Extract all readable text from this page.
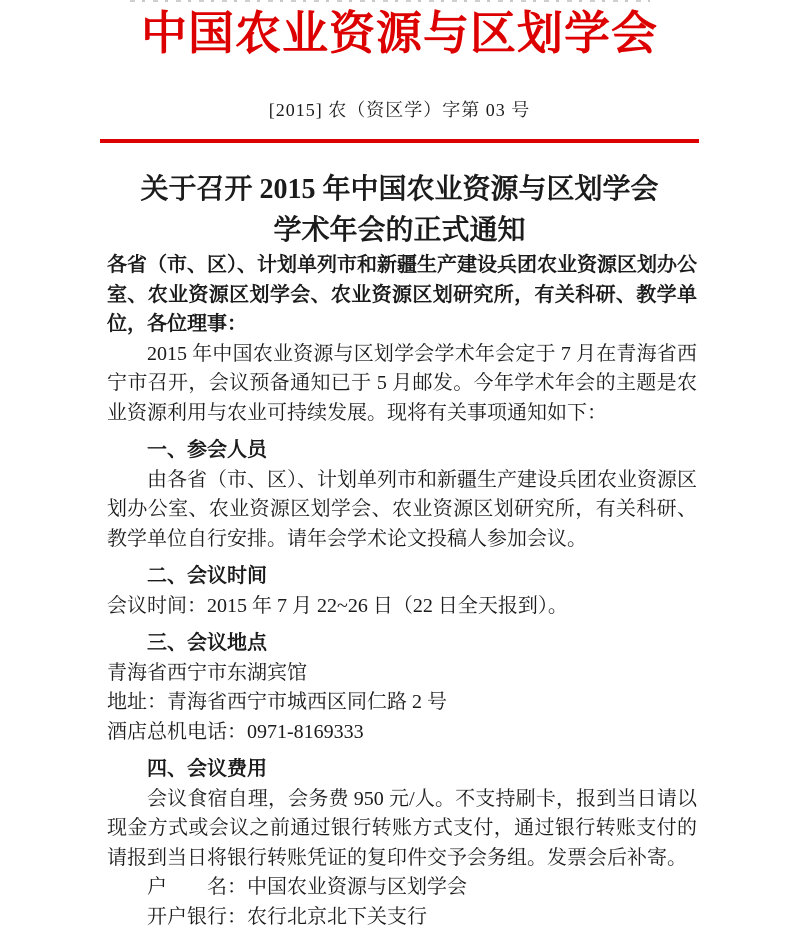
中国农业资源与区划学会
[2015] 农（资区学）字第 03 号
关于召开 2015 年中国农业资源与区划学会
学术年会的正式通知

各省（市、区）、计划单列市和新疆生产建设兵团农业资源区划办公室、农业资源区划学会、农业资源区划研究所，有关科研、教学单位，各位理事：

2015 年中国农业资源与区划学会学术年会定于 7 月在青海省西宁市召开，会议预备通知已于 5 月邮发。今年学术年会的主题是农业资源利用与农业可持续发展。现将有关事项通知如下：

一、参会人员

由各省（市、区）、计划单列市和新疆生产建设兵团农业资源区划办公室、农业资源区划学会、农业资源区划研究所，有关科研、教学单位自行安排。请年会学术论文投稿人参加会议。

二、会议时间

会议时间：2015 年 7 月 22~26 日（22 日全天报到）。

三、会议地点

青海省西宁市东湖宾馆

地址：青海省西宁市城西区同仁路 2 号

酒店总机电话：0971-8169333

四、会议费用

会议食宿自理，会务费 950 元/人。不支持刷卡，报到当日请以现金方式或会议之前通过银行转账方式支付，通过银行转账支付的请报到当日将银行转账凭证的复印件交予会务组。发票会后补寄。

户　　名：中国农业资源与区划学会

开户银行：农行北京北下关支行
